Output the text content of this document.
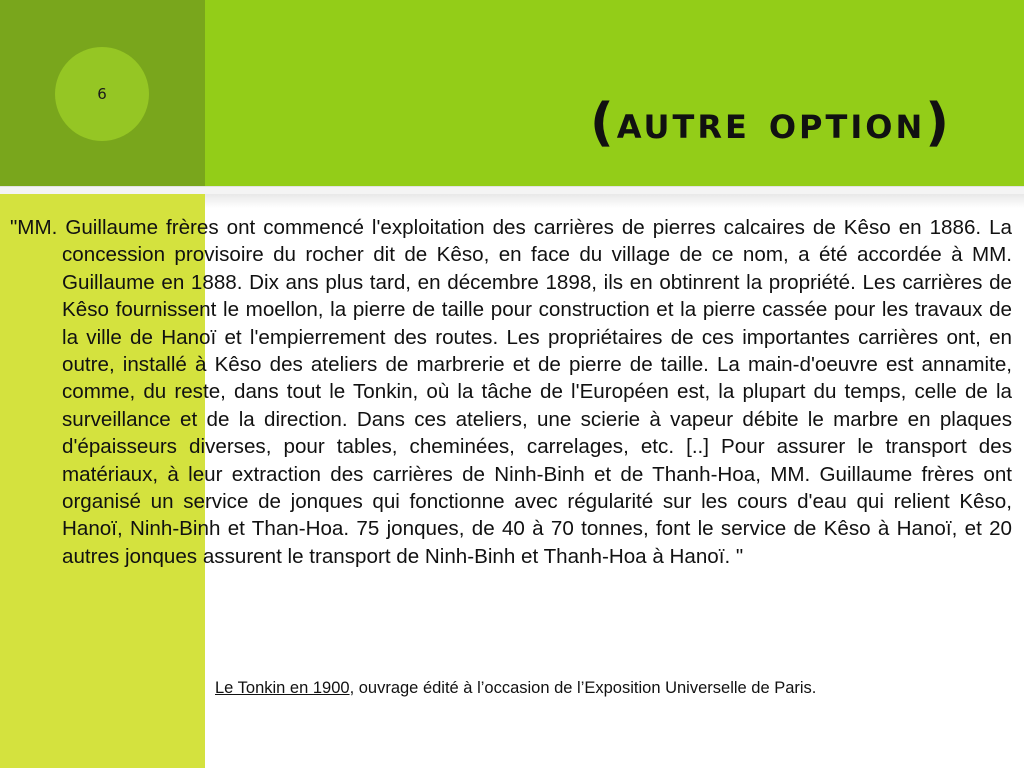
6	(autre option)

"MM. Guillaume frères ont commencé l'exploitation des carrières de pierres calcaires de Kêso en 1886. La concession provisoire du rocher dit de Kêso, en face du village de ce nom, a été accordée à MM. Guillaume en 1888. Dix ans plus tard, en décembre 1898, ils en obtinrent la propriété. Les carrières de Kêso fournissent le moellon, la pierre de taille pour construction et la pierre cassée pour les travaux de la ville de Hanoï et l'empierrement des routes. Les propriétaires de ces importantes carrières ont, en outre, installé à Kêso des ateliers de marbrerie et de pierre de taille. La main-d'oeuvre est annamite, comme, du reste, dans tout le Tonkin, où la tâche de l'Européen est, la plupart du temps, celle de la surveillance et de la direction. Dans ces ateliers, une scierie à vapeur débite le marbre en plaques d'épaisseurs diverses, pour tables, cheminées, carrelages, etc. [..] Pour assurer le transport des matériaux, à leur extraction des carrières de Ninh-Binh et de Thanh-Hoa, MM. Guillaume frères ont organisé un service de jonques qui fonctionne avec régularité sur les cours d'eau qui relient Kêso, Hanoï, Ninh-Binh et Than-Hoa. 75 jonques, de 40 à 70 tonnes, font le service de Kêso à Hanoï, et 20 autres jonques assurent le transport de Ninh-Binh et Thanh-Hoa à Hanoï. "

Le Tonkin en 1900, ouvrage édité à l’occasion de l’Exposition Universelle de Paris.
